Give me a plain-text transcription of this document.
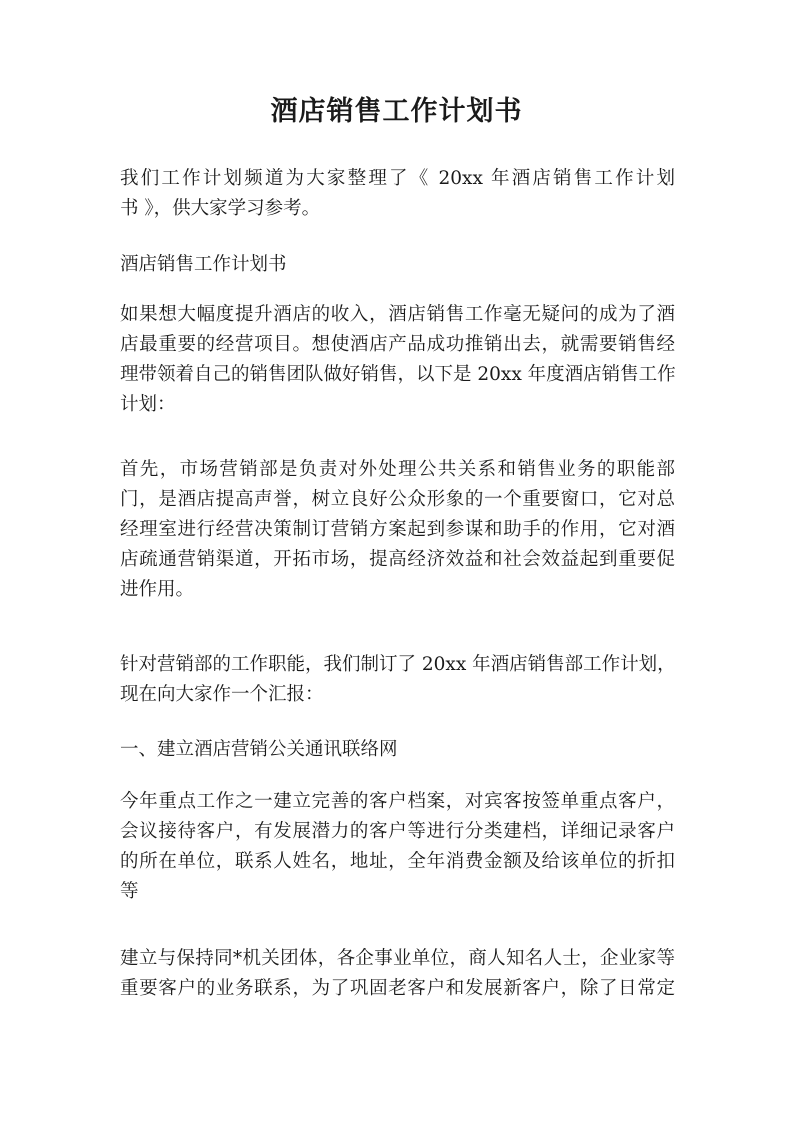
酒店销售工作计划书

我们工作计划频道为大家整理了《 20xx 年酒店销售工作计划
书 》，供大家学习参考。

酒店销售工作计划书

如果想大幅度提升酒店的收入，酒店销售工作毫无疑问的成为了酒
店最重要的经营项目。想使酒店产品成功推销出去，就需要销售经
理带领着自己的销售团队做好销售，以下是 20xx 年度酒店销售工作
计划：

首先，市场营销部是负责对外处理公共关系和销售业务的职能部
门，是酒店提高声誉，树立良好公众形象的一个重要窗口，它对总
经理室进行经营决策制订营销方案起到参谋和助手的作用，它对酒
店疏通营销渠道，开拓市场，提高经济效益和社会效益起到重要促
进作用。

针对营销部的工作职能，我们制订了 20xx 年酒店销售部工作计划，
现在向大家作一个汇报：

一、建立酒店营销公关通讯联络网

今年重点工作之一建立完善的客户档案，对宾客按签单重点客户，
会议接待客户，有发展潜力的客户等进行分类建档，详细记录客户
的所在单位，联系人姓名，地址，全年消费金额及给该单位的折扣
等

建立与保持同*机关团体，各企事业单位，商人知名人士，企业家等
重要客户的业务联系，为了巩固老客户和发展新客户，除了日常定
